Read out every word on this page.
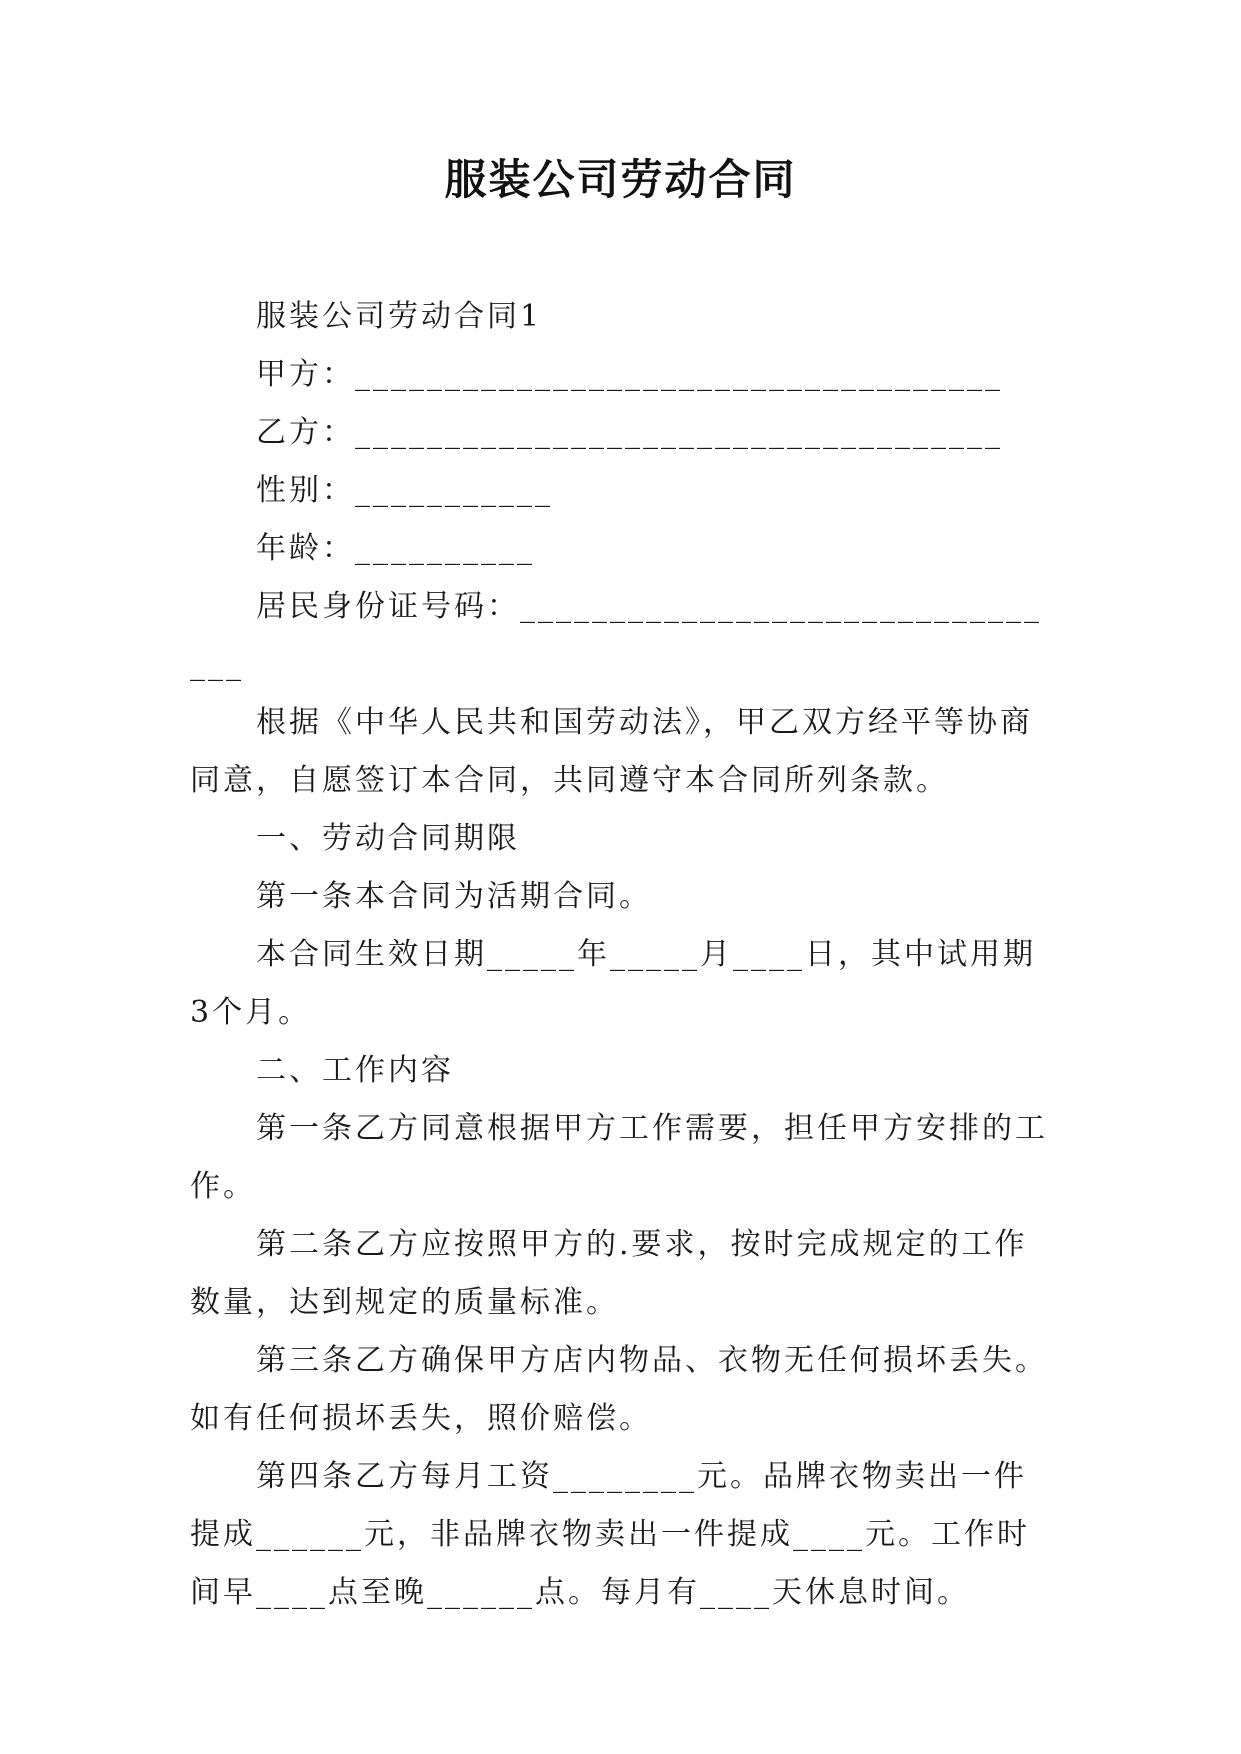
服装公司劳动合同

服装公司劳动合同1

甲方：____________________________________

乙方：____________________________________

性别：___________

年龄：__________

居民身份证号码：________________________________

根据《中华人民共和国劳动法》，甲乙双方经平等协商同意，自愿签订本合同，共同遵守本合同所列条款。

一、劳动合同期限

第一条本合同为活期合同。

本合同生效日期_____年_____月____日，其中试用期3个月。

二、工作内容

第一条乙方同意根据甲方工作需要，担任甲方安排的工作。

第二条乙方应按照甲方的.要求，按时完成规定的工作数量，达到规定的质量标准。

第三条乙方确保甲方店内物品、衣物无任何损坏丢失。如有任何损坏丢失，照价赔偿。

第四条乙方每月工资________元。品牌衣物卖出一件提成______元，非品牌衣物卖出一件提成____元。工作时间早____点至晚______点。每月有____天休息时间。
